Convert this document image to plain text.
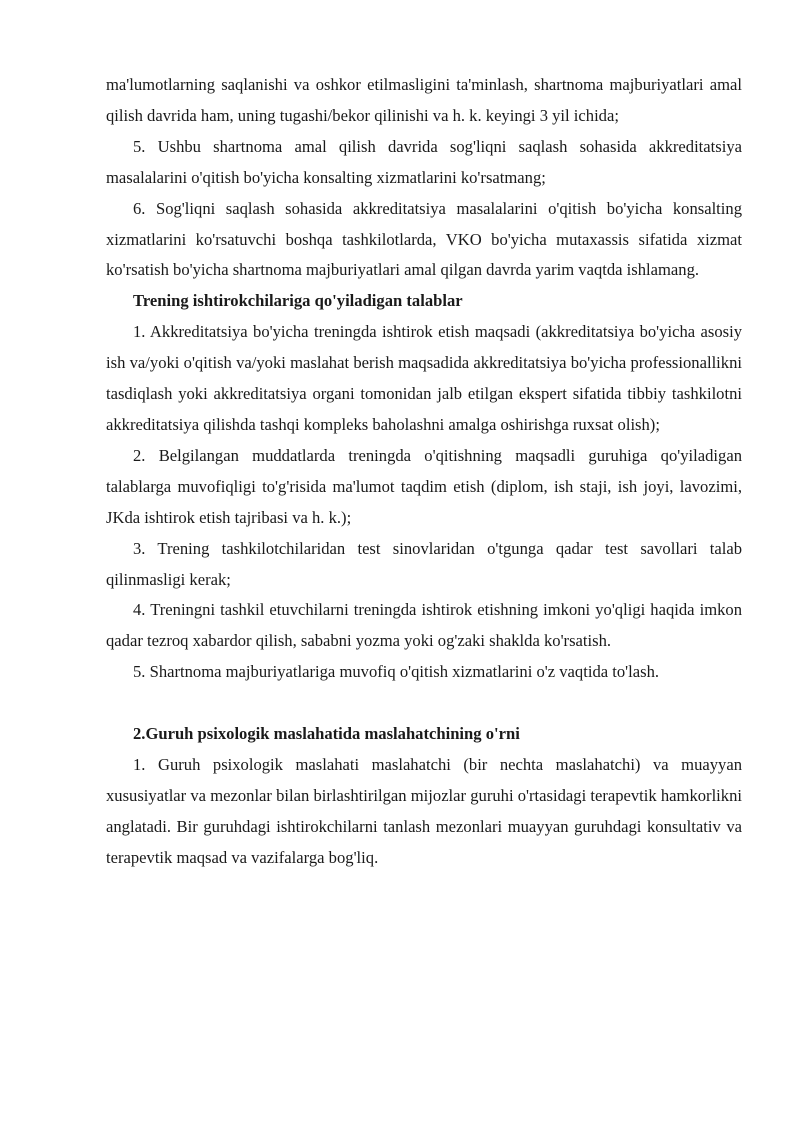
ma'lumotlarning saqlanishi va oshkor etilmasligini ta'minlash, shartnoma majburiyatlari amal qilish davrida ham, uning tugashi/bekor qilinishi va h. k. keyingi 3 yil ichida;

5. Ushbu shartnoma amal qilish davrida sog'liqni saqlash sohasida akkreditatsiya masalalarini o'qitish bo'yicha konsalting xizmatlarini ko'rsatmang;

6. Sog'liqni saqlash sohasida akkreditatsiya masalalarini o'qitish bo'yicha konsalting xizmatlarini ko'rsatuvchi boshqa tashkilotlarda, VKO bo'yicha mutaxassis sifatida xizmat ko'rsatish bo'yicha shartnoma majburiyatlari amal qilgan davrda yarim vaqtda ishlamang.

Trening ishtirokchilariga qo'yiladigan talablar

1. Akkreditatsiya bo'yicha treningda ishtirok etish maqsadi (akkreditatsiya bo'yicha asosiy ish va/yoki o'qitish va/yoki maslahat berish maqsadida akkreditatsiya bo'yicha professionallikni tasdiqlash yoki akkreditatsiya organi tomonidan jalb etilgan ekspert sifatida tibbiy tashkilotni akkreditatsiya qilishda tashqi kompleks baholashni amalga oshirishga ruxsat olish);

2. Belgilangan muddatlarda treningda o'qitishning maqsadli guruhiga qo'yiladigan talablarga muvofiqligi to'g'risida ma'lumot taqdim etish (diplom, ish staji, ish joyi, lavozimi, JKda ishtirok etish tajribasi va h. k.);

3. Trening tashkilotchilaridan test sinovlaridan o'tgunga qadar test savollari talab qilinmasligi kerak;

4. Treningni tashkil etuvchilarni treningda ishtirok etishning imkoni yo'qligi haqida imkon qadar tezroq xabardor qilish, sababni yozma yoki og'zaki shaklda ko'rsatish.

5. Shartnoma majburiyatlariga muvofiq o'qitish xizmatlarini o'z vaqtida to'lash.

2.Guruh psixologik maslahatida maslahatchining o'rni

1. Guruh psixologik maslahati maslahatchi (bir nechta maslahatchi) va muayyan xususiyatlar va mezonlar bilan birlashtirilgan mijozlar guruhi o'rtasidagi terapevtik hamkorlikni anglatadi. Bir guruhdagi ishtirokchilarni tanlash mezonlari muayyan guruhdagi konsultativ va terapevtik maqsad va vazifalarga bog'liq.
